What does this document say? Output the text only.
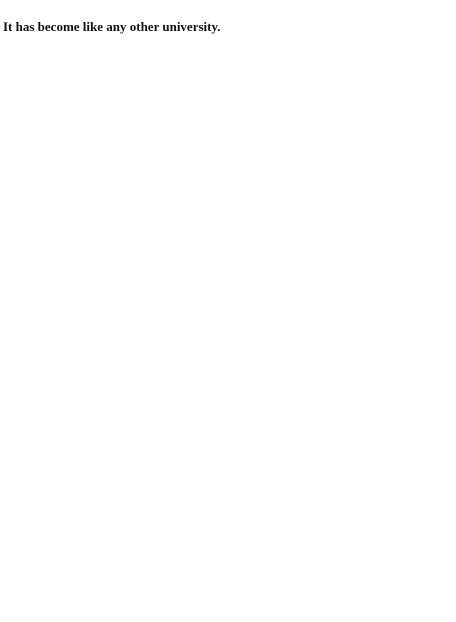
It has become like any other university.
